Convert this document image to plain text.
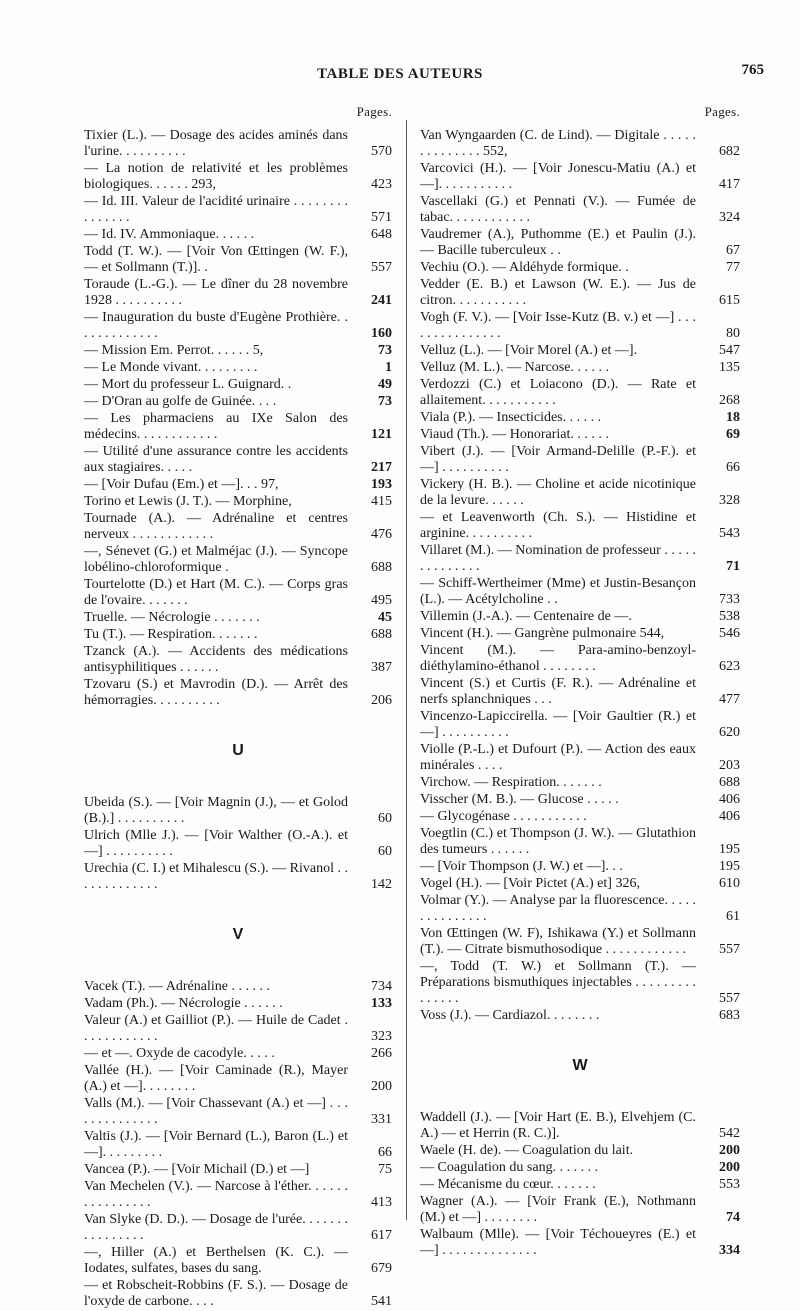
TABLE DES AUTEURS	765
Pages.
Tixier (L.). — Dosage des acides aminés dans l'urine. . . . . . . . . .	570
— La notion de relativité et les problèmes biologiques. . . . . . 293,	423
— Id. III. Valeur de l'acidité urinaire . . . . . . . . . . . . . . .	571
— Id. IV. Ammoniaque. . . . . .	648
Todd (T. W.). — [Voir Von Œttingen (W. F.), — et Sollmann (T.)]. .	557
Toraude (L.-G.). — Le dîner du 28 novembre 1928 . . . . . . . . . .	241
— Inauguration du buste d'Eugène Prothière. . . . . . . . . . . . .	160
— Mission Em. Perrot. . . . . . 5,	73
— Le Monde vivant. . . . . . . . .	1
— Mort du professeur L. Guignard. .	49
— D'Oran au golfe de Guinée. . . .	73
— Les pharmaciens au IXe Salon des médecins. . . . . . . . . . . .	121
— Utilité d'une assurance contre les accidents aux stagiaires. . . . .	217
— [Voir Dufau (Em.) et —]. . . 97,	193
Torino et Lewis (J. T.). — Morphine,	415
Tournade (A.). — Adrénaline et centres nerveux . . . . . . . . . . . .	476
—, Sénevet (G.) et Malméjac (J.). — Syncope lobélino-chloroformique .	688
Tourtelotte (D.) et Hart (M. C.). — Corps gras de l'ovaire. . . . . . .	495
Truelle. — Nécrologie . . . . . . .	45
Tu (T.). — Respiration. . . . . . .	688
Tzanck (A.). — Accidents des médications antisyphilitiques . . . . . .	387
Tzovaru (S.) et Mavrodin (D.). — Arrêt des hémorragies. . . . . . . . . .	206
U
Ubeida (S.). — [Voir Magnin (J.), — et Golod (B.).] . . . . . . . . . .	60
Ulrich (Mlle J.). — [Voir Walther (O.-A.). et —] . . . . . . . . . .	60
Urechia (C. I.) et Mihalescu (S.). — Rivanol . . . . . . . . . . . . .	142
V
Vacek (T.). — Adrénaline . . . . . .	734
Vadam (Ph.). — Nécrologie . . . . . .	133
Valeur (A.) et Gailliot (P.). — Huile de Cadet . . . . . . . . . . . .	323
— et —. Oxyde de cacodyle. . . . .	266
Vallée (H.). — [Voir Caminade (R.), Mayer (A.) et —]. . . . . . . .	200
Valls (M.). — [Voir Chassevant (A.) et —] . . . . . . . . . . . . . .	331
Valtis (J.). — [Voir Bernard (L.), Baron (L.) et —]. . . . . . . . .	66
Vancea (P.). — [Voir Michail (D.) et —]	75
Van Mechelen (V.). — Narcose à l'éther. . . . . . . . . . . . . . . .	413
Van Slyke (D. D.). — Dosage de l'urée. . . . . . . . . . . . . . . .	617
—, Hiller (A.) et Berthelsen (K. C.). — Iodates, sulfates, bases du sang.	679
— et Robscheit-Robbins (F. S.). — Dosage de l'oxyde de carbone. . . .	541
Pages.
Van Wyngaarden (C. de Lind). — Digitale . . . . . . . . . . . . . . 552,	682
Varcovici (H.). — [Voir Jonescu-Matiu (A.) et —]. . . . . . . . . . .	417
Vascellaki (G.) et Pennati (V.). — Fumée de tabac. . . . . . . . . . . .	324
Vaudremer (A.), Puthomme (E.) et Paulin (J.). — Bacille tuberculeux . .	67
Vechiu (O.). — Aldéhyde formique. .	77
Vedder (E. B.) et Lawson (W. E.). — Jus de citron. . . . . . . . . . .	615
Vogh (F. V.). — [Voir Isse-Kutz (B. v.) et —] . . . . . . . . . . . . . . .	80
Velluz (L.). — [Voir Morel (A.) et —].	547
Velluz (M. L.). — Narcose. . . . . .	135
Verdozzi (C.) et Loiacono (D.). — Rate et allaitement. . . . . . . . . . .	268
Viala (P.). — Insecticides. . . . . .	18
Viaud (Th.). — Honorariat. . . . . .	69
Vibert (J.). — [Voir Armand-Delille (P.-F.). et —] . . . . . . . . . .	66
Vickery (H. B.). — Choline et acide nicotinique de la levure. . . . . .	328
— et Leavenworth (Ch. S.). — Histidine et arginine. . . . . . . . . .	543
Villaret (M.). — Nomination de professeur . . . . . . . . . . . . . .	71
— Schiff-Wertheimer (Mme) et Justin-Besançon (L.). — Acétylcholine . .	733
Villemin (J.-A.). — Centenaire de —.	538
Vincent (H.). — Gangrène pulmonaire 544,	546
Vincent (M.). — Para-amino-benzoyl-diéthylamino-éthanol . . . . . . . .	623
Vincent (S.) et Curtis (F. R.). — Adrénaline et nerfs splanchniques . . .	477
Vincenzo-Lapiccirella. — [Voir Gaultier (R.) et —] . . . . . . . . . .	620
Violle (P.-L.) et Dufourt (P.). — Action des eaux minérales . . . .	203
Virchow. — Respiration. . . . . . .	688
Visscher (M. B.). — Glucose . . . . .	406
— Glycogénase . . . . . . . . . . .	406
Voegtlin (C.) et Thompson (J. W.). — Glutathion des tumeurs . . . . . .	195
— [Voir Thompson (J. W.) et —]. . .	195
Vogel (H.). — [Voir Pictet (A.) et] 326,	610
Volmar (Y.). — Analyse par la fluorescence. . . . . . . . . . . . . . .	61
Von Œttingen (W. F), Ishikawa (Y.) et Sollmann (T.). — Citrate bismuthosodique . . . . . . . . . . . .	557
—, Todd (T. W.) et Sollmann (T.). — Préparations bismuthiques injectables . . . . . . . . . . . . . . .	557
Voss (J.). — Cardiazol. . . . . . . .	683
W
Waddell (J.). — [Voir Hart (E. B.), Elvehjem (C. A.) — et Herrin (R. C.)].	542
Waele (H. de). — Coagulation du lait.	200
— Coagulation du sang. . . . . . .	200
— Mécanisme du cœur. . . . . . .	553
Wagner (A.). — [Voir Frank (E.), Nothmann (M.) et —] . . . . . . . .	74
Walbaum (Mlle). — [Voir Téchoueyres (E.) et —] . . . . . . . . . . . . . .	334
